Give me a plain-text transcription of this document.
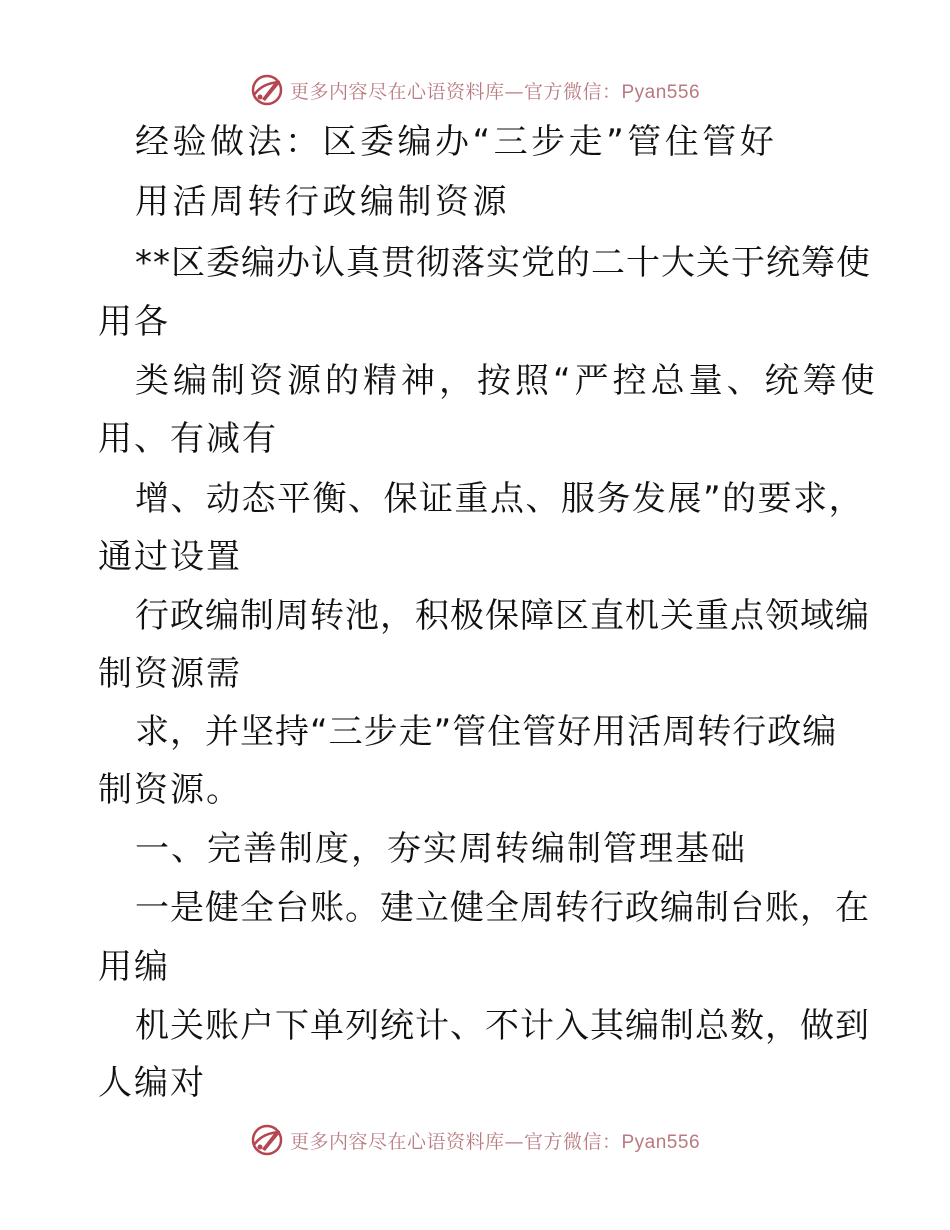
更多内容尽在心语资料库—官方微信：Pyan556
经验做法：区委编办“三步走”管住管好
用活周转行政编制资源
**区委编办认真贯彻落实党的二十大关于统筹使
用各
类编制资源的精神，按照“严控总量、统筹使
用、有减有
增、动态平衡、保证重点、服务发展”的要求，
通过设置
行政编制周转池，积极保障区直机关重点领域编
制资源需
求，并坚持“三步走”管住管好用活周转行政编
制资源。
一、完善制度，夯实周转编制管理基础
一是健全台账。建立健全周转行政编制台账，在
用编
机关账户下单列统计、不计入其编制总数，做到
人编对
更多内容尽在心语资料库—官方微信：Pyan556
